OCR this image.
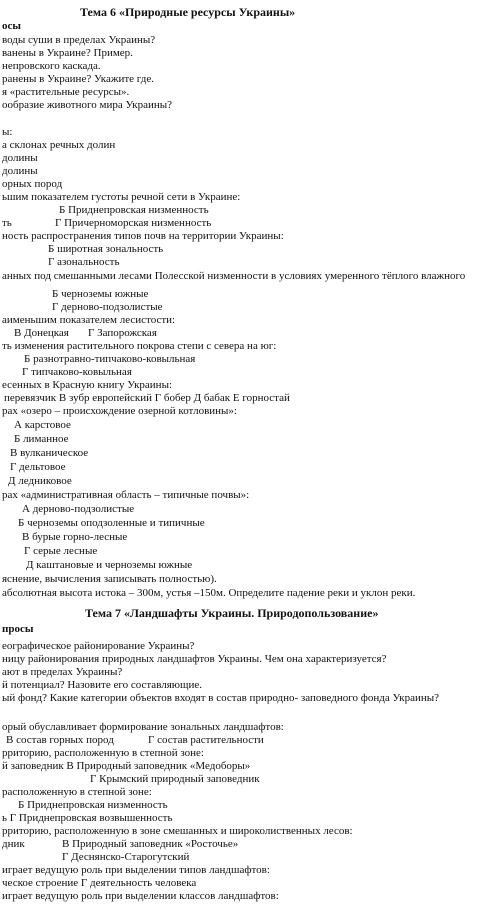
Тема 6 «Природные ресурсы Украины»
Тема 7 «Ландшафты Украины. Природопользование»
осы
воды суши в пределах Украины?
ванены в Украине? Пример.
непровского каскада.
ранены в Украине? Укажите где.
я «растительные ресурсы».
ообразие животного мира Украины?
ы:
а склонах речных долин
долины
долины
орных пород
ьшим показателем густоты речной сети в Украине:
Б Приднепровская низменность
ть	Г Причерноморская низменность
ность распространения типов почв на территории Украины:
Б широтная зональность
Г азональность
анных под смешанными лесами Полесской низменности в условиях умеренного тёплого влажного
Б черноземы южные
Г дерново-подзолистые
аименьшим показателем лесистости:
В Донецкая Г Запорожская
ть изменения растительного покрова степи с севера на юг:
Б разнотравно-типчаково-ковыльная
Г типчаково-ковыльная
есенных в Красную книгу Украины:
перевязчик В зубр европейский Г бобер Д бабак Е горностай
рах «озеро – происхождение озерной котловины»:
А карстовое
Б лиманное
В вулканическое
Г дельтовое
Д ледниковое
рах «административная область – типичные почвы»:
А дерново-подзолистые
Б черноземы оподзоленные и типичные
В бурые горно-лесные
Г серые лесные
Д каштановые и черноземы южные
яснение, вычисления записывать полностью).
абсолютная высота истока – 300м, устья –150м. Определите падение реки и уклон реки.
просы
еографическое районирование Украины?
ницу районирования природных ландшафтов Украины. Чем она характеризуется?
ают в пределах Украины?
й потенциал? Назовите его составляющие.
ый фонд? Какие категории объектов входят в состав природно- заповедного фонда Украины?
орый обуславливает формирование зональных ландшафтов:
В состав горных пород	Г состав растительности
рриторию, расположенную в степной зоне:
й заповедник В Природный заповедник «Медоборы»
Г Крымский природный заповедник
расположенную в степной зоне:
Б Приднепровская низменность
ь Г Приднепровская возвышенность
рриторию, расположенную в зоне смешанных и широколиственных лесов:
дник	В Природный заповедник «Росточье»
Г Деснянско-Старогутский
играет ведущую роль при выделении типов ландшафтов:
ческое строение Г деятельность человека
играет ведущую роль при выделении классов ландшафтов:
